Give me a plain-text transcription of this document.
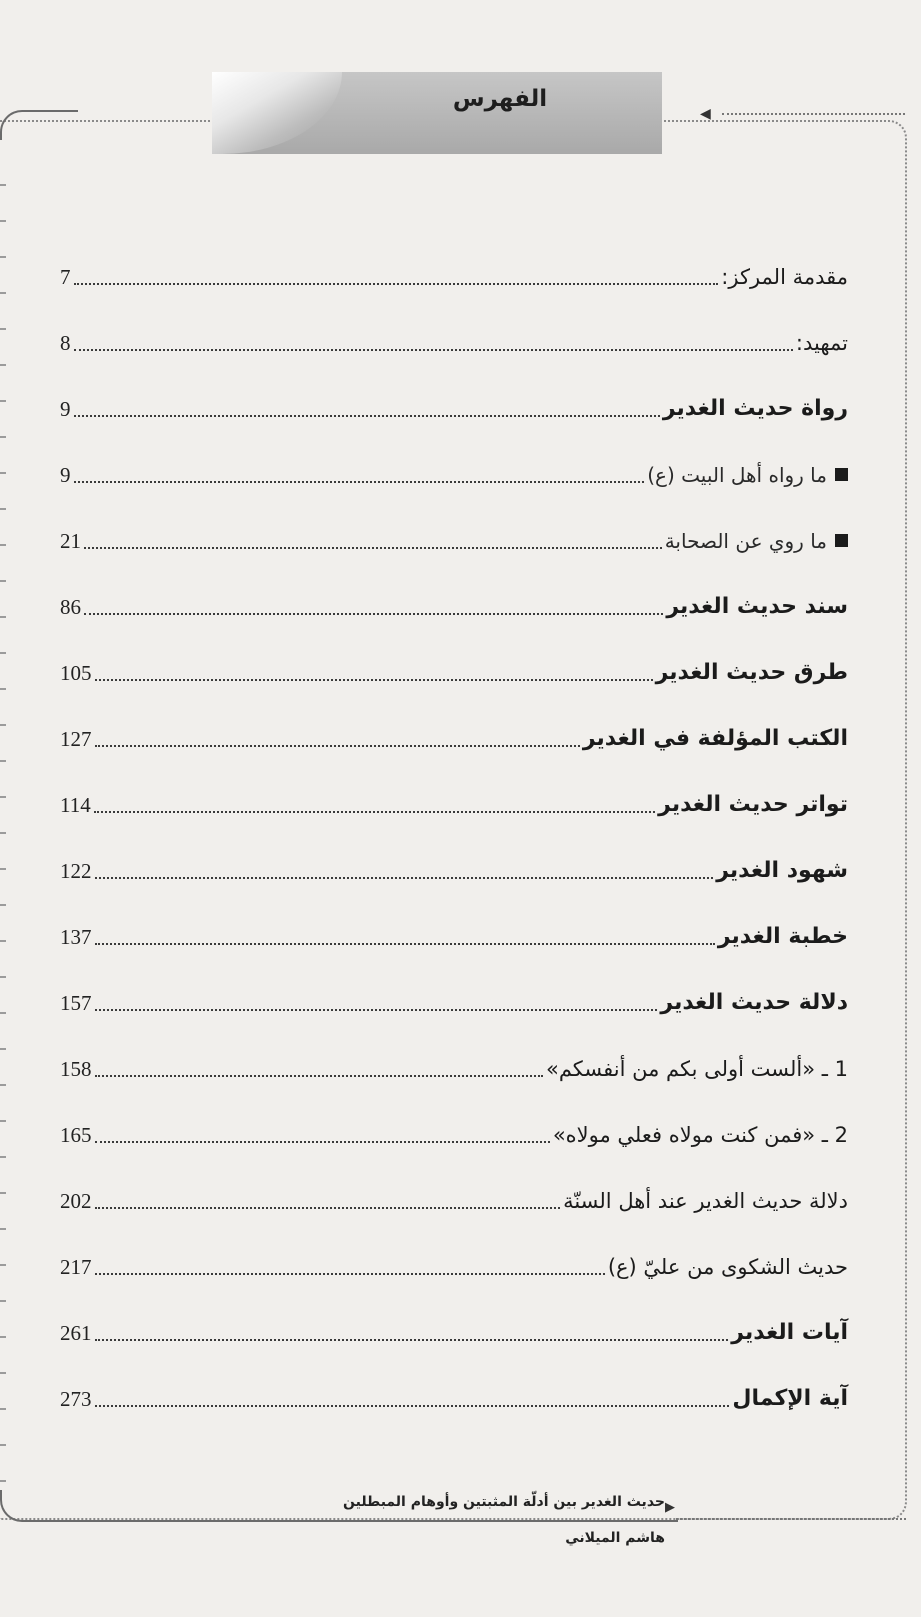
الفهرس
◀
مقدمة المركز:
7
تمهيد:
8
رواة حديث الغدير
9
ما رواه أهل البيت (ع)
9
ما روي عن الصحابة
21
سند حديث الغدير
86
طرق حديث الغدير
105
الكتب المؤلفة في الغدير
127
تواتر حديث الغدير
114
شهود الغدير
122
خطبة الغدير
137
دلالة حديث الغدير
157
1 ـ «ألست أولى بكم من أنفسكم»
158
2 ـ «فمن كنت مولاه فعلي مولاه»
165
دلالة حديث الغدير عند أهل السنّة
202
حديث الشكوى من عليّ (ع)
217
آيات الغدير
261
آية الإكمال
273
▶
حديث الغدير بين أدلّة المثبتين وأوهام المبطلين
هاشم الميلاني
